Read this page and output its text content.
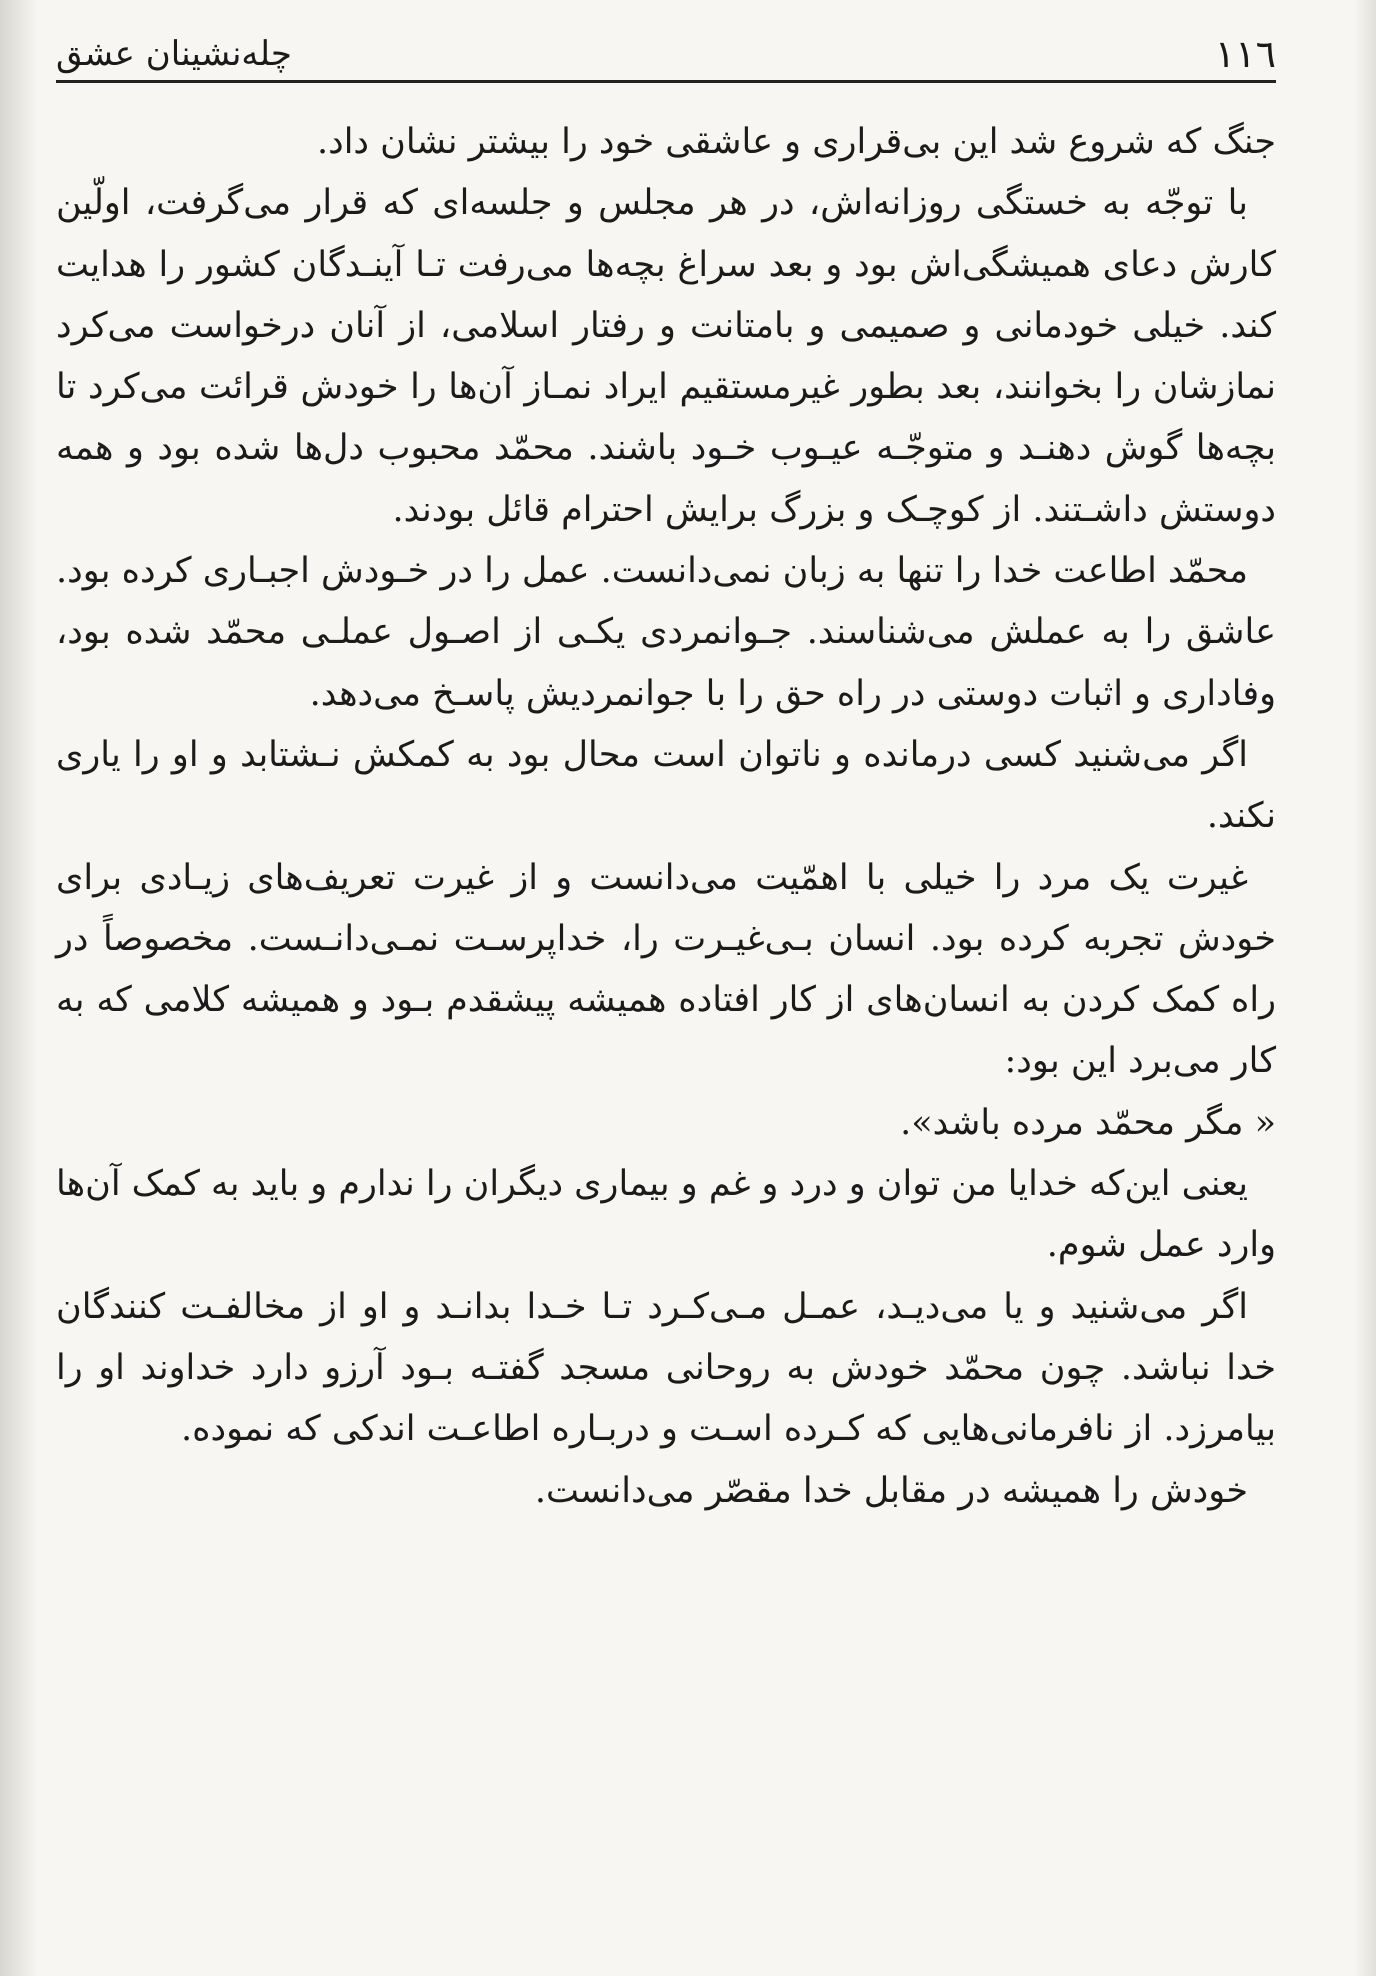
١١٦
چله‌نشینان عشق

جنگ که شروع شد این بی‌قراری و عاشقی خود را بیشتر نشان داد.

با توجّه به خستگی روزانه‌اش، در هر مجلس و جلسه‌ای که قرار می‌گرفت، اولّین کارش دعای همیشگی‌اش بود و بعد سراغ بچه‌ها می‌رفت تـا آینـدگان کشور را هدایت کند. خیلی خودمانی و صمیمی و بامتانت و رفتار اسلامی، از آنان درخواست می‌کرد نمازشان را بخوانند، بعد بطور غیرمستقیم ایراد نمـاز آن‌ها را خودش قرائت می‌کرد تا بچه‌ها گوش دهنـد و متوجّـه عیـوب خـود باشند. محمّد محبوب دل‌ها شده بود و همه دوستش داشـتند. از کوچـک و بزرگ برایش احترام قائل بودند.

محمّد اطاعت خدا را تنها به زبان نمی‌دانست. عمل را در خـودش اجبـاری کرده بود. عاشق را به عملش می‌شناسند. جـوانمردی یکـی از اصـول عملـی محمّد شده بود، وفاداری و اثبات دوستی در راه حق را با جوانمردیش پاسـخ می‌دهد.

اگر می‌شنید کسی درمانده و ناتوان است محال بود به کمکش نـشتابد و او را یاری نکند.

غیرت یک مرد را خیلی با اهمّیت می‌دانست و از غیرت تعریف‌های زیـادی برای خودش تجربه کرده بود. انسان بـی‌غیـرت را، خداپرسـت نمـی‌دانـست. مخصوصاً در راه کمک کردن به انسان‌های از کار افتاده همیشه پیشقدم بـود و همیشه کلامی که به کار می‌برد این بود:

« مگر محمّد مرده باشد».

یعنی این‌که خدایا من توان و درد و غم و بیماری دیگران را ندارم و باید به کمک آن‌ها وارد عمل شوم.

اگر می‌شنید و یا می‌دیـد، عمـل مـی‌کـرد تـا خـدا بدانـد و او از مخالفـت کنندگان خدا نباشد. چون محمّد خودش به روحانی مسجد گفتـه بـود آرزو دارد خداوند او را بیامرزد. از نافرمانی‌هایی که کـرده اسـت و دربـاره اطاعـت اندکی که نموده.

خودش را همیشه در مقابل خدا مقصّر می‌دانست.
